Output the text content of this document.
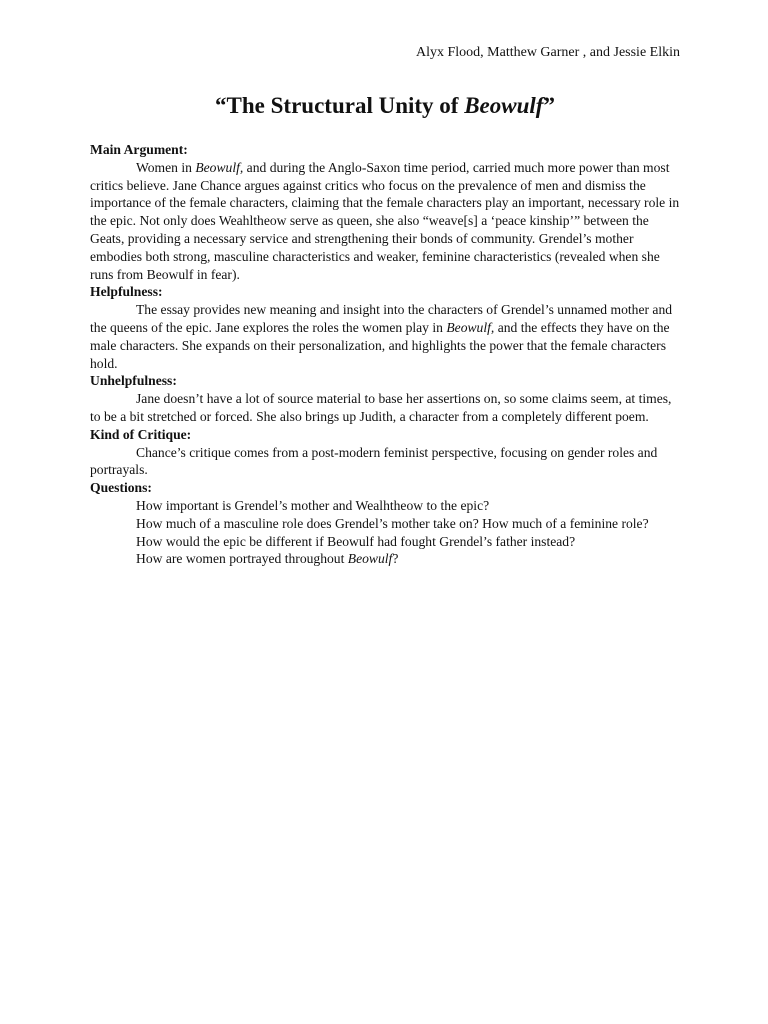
Alyx Flood, Matthew Garner , and Jessie Elkin
“The Structural Unity of Beowulf”

Main Argument:

Women in Beowulf, and during the Anglo-Saxon time period, carried much more power than most critics believe. Jane Chance argues against critics who focus on the prevalence of men and dismiss the importance of the female characters, claiming that the female characters play an important, necessary role in the epic. Not only does Weahltheow serve as queen, she also “weave[s] a ‘peace kinship’” between the Geats, providing a necessary service and strengthening their bonds of community. Grendel’s mother embodies both strong, masculine characteristics and weaker, feminine characteristics (revealed when she runs from Beowulf in fear).

Helpfulness:

The essay provides new meaning and insight into the characters of Grendel’s unnamed mother and the queens of the epic. Jane explores the roles the women play in Beowulf, and the effects they have on the male characters. She expands on their personalization, and highlights the power that the female characters hold.

Unhelpfulness:

Jane doesn’t have a lot of source material to base her assertions on, so some claims seem, at times, to be a bit stretched or forced. She also brings up Judith, a character from a completely different poem.

Kind of Critique:

Chance’s critique comes from a post-modern feminist perspective, focusing on gender roles and portrayals.

Questions:

How important is Grendel’s mother and Wealhtheow to the epic?

How much of a masculine role does Grendel’s mother take on? How much of a feminine role?

How would the epic be different if Beowulf had fought Grendel’s father instead?

How are women portrayed throughout Beowulf?
